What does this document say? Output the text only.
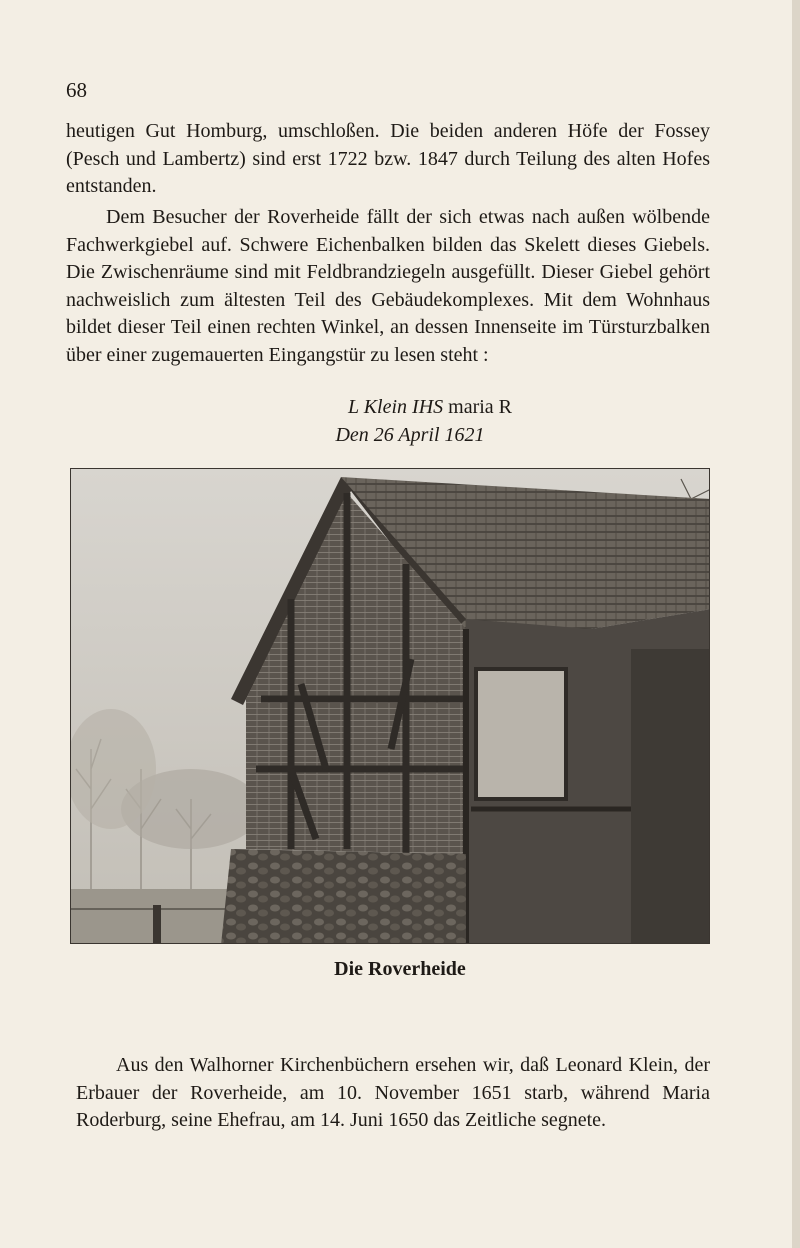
68

heutigen Gut Homburg, umschloßen. Die beiden anderen Höfe der Fossey (Pesch und Lambertz) sind erst 1722 bzw. 1847 durch Teilung des alten Hofes entstanden.

Dem Besucher der Roverheide fällt der sich etwas nach außen wölbende Fachwerkgiebel auf. Schwere Eichenbalken bilden das Skelett dieses Giebels. Die Zwischenräume sind mit Feldbrandziegeln ausgefüllt. Dieser Giebel gehört nachweislich zum ältesten Teil des Gebäudekomplexes. Mit dem Wohnhaus bildet dieser Teil einen rechten Winkel, an dessen Innenseite im Türsturzbalken über einer zugemauerten Eingangstür zu lesen steht :

L Klein IHS maria R
Den 26 April 1621
Die Roverheide

Aus den Walhorner Kirchenbüchern ersehen wir, daß Leonard Klein, der Erbauer der Roverheide, am 10. November 1651 starb, während Maria Roderburg, seine Ehefrau, am 14. Juni 1650 das Zeitliche segnete.
